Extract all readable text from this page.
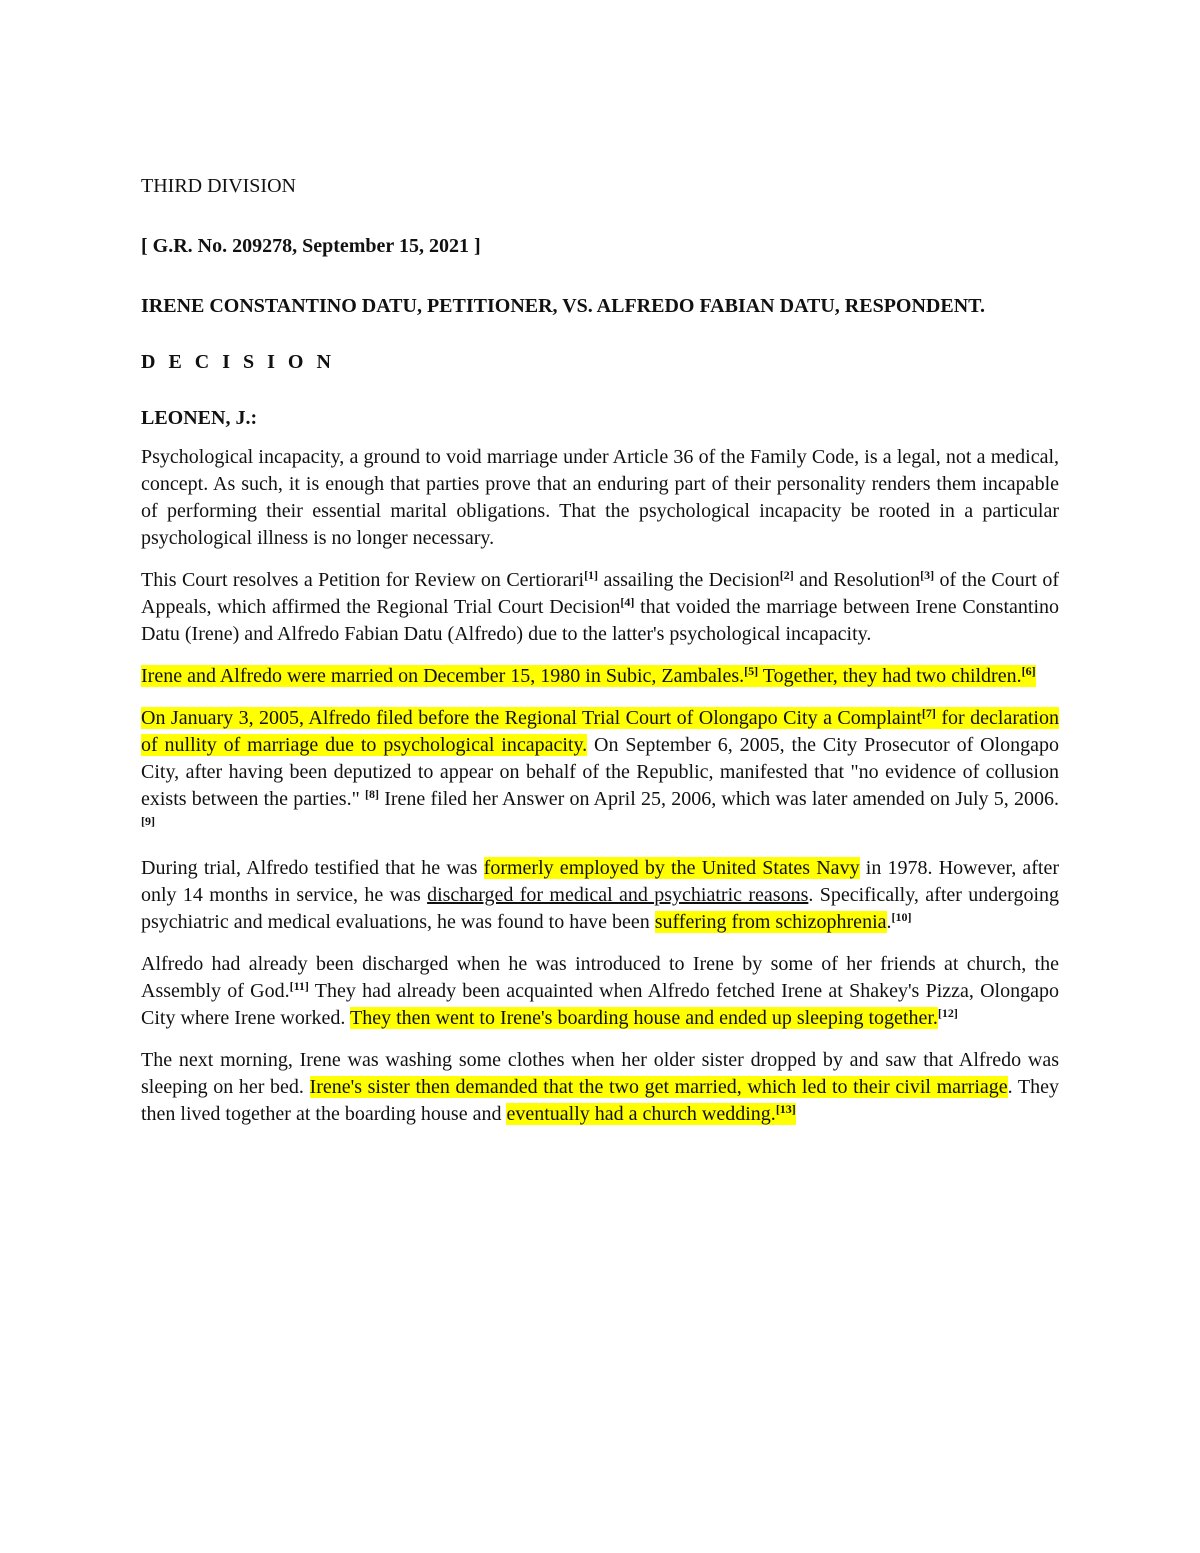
THIRD DIVISION
[ G.R. No. 209278, September 15, 2021 ]
IRENE CONSTANTINO DATU, PETITIONER, VS. ALFREDO FABIAN DATU, RESPONDENT.
D E C I S I O N
LEONEN, J.:

Psychological incapacity, a ground to void marriage under Article 36 of the Family Code, is a legal, not a medical, concept. As such, it is enough that parties prove that an enduring part of their personality renders them incapable of performing their essential marital obligations. That the psychological incapacity be rooted in a particular psychological illness is no longer necessary.

This Court resolves a Petition for Review on Certiorari[1] assailing the Decision[2] and Resolution[3] of the Court of Appeals, which affirmed the Regional Trial Court Decision[4] that voided the marriage between Irene Constantino Datu (Irene) and Alfredo Fabian Datu (Alfredo) due to the latter's psychological incapacity.

Irene and Alfredo were married on December 15, 1980 in Subic, Zambales.[5] Together, they had two children.[6]

On January 3, 2005, Alfredo filed before the Regional Trial Court of Olongapo City a Complaint[7] for declaration of nullity of marriage due to psychological incapacity. On September 6, 2005, the City Prosecutor of Olongapo City, after having been deputized to appear on behalf of the Republic, manifested that "no evidence of collusion exists between the parties." [8] Irene filed her Answer on April 25, 2006, which was later amended on July 5, 2006.[9]

During trial, Alfredo testified that he was formerly employed by the United States Navy in 1978. However, after only 14 months in service, he was discharged for medical and psychiatric reasons. Specifically, after undergoing psychiatric and medical evaluations, he was found to have been suffering from schizophrenia.[10]

Alfredo had already been discharged when he was introduced to Irene by some of her friends at church, the Assembly of God.[11] They had already been acquainted when Alfredo fetched Irene at Shakey's Pizza, Olongapo City where Irene worked. They then went to Irene's boarding house and ended up sleeping together.[12]

The next morning, Irene was washing some clothes when her older sister dropped by and saw that Alfredo was sleeping on her bed. Irene's sister then demanded that the two get married, which led to their civil marriage. They then lived together at the boarding house and eventually had a church wedding.[13]
